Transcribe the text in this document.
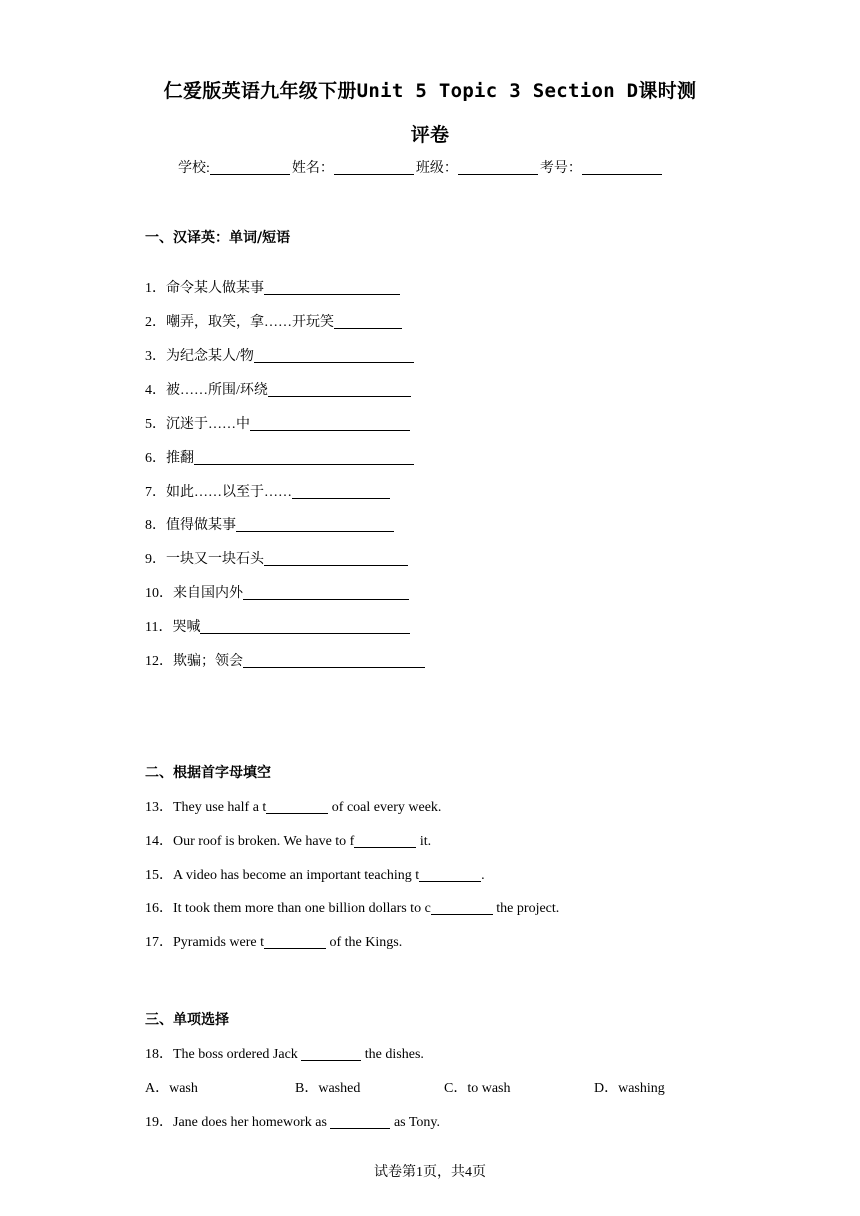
仁爱版英语九年级下册Unit 5 Topic 3 Section D课时测
评卷
学校:	姓名：	班级：	考号：
一、汉译英：单词/短语
1．命令某人做某事
2．嘲弄，取笑，拿……开玩笑
3．为纪念某人/物
4．被……所围/环绕
5．沉迷于……中
6．推翻
7．如此……以至于……
8．值得做某事
9．一块又一块石头
10．来自国内外
11．哭喊
12．欺骗；领会
二、根据首字母填空
13．They use half a t	of coal every week.
14．Our roof is broken. We have to f	it.
15．A video has become an important teaching t	.
16．It took them more than one billion dollars to c	the project.
17．Pyramids were t	of the Kings.
三、单项选择
18．The boss ordered Jack	the dishes.
A．wash	B．washed	C．to wash	D．washing
19．Jane does her homework as	as Tony.
试卷第1页，共4页
